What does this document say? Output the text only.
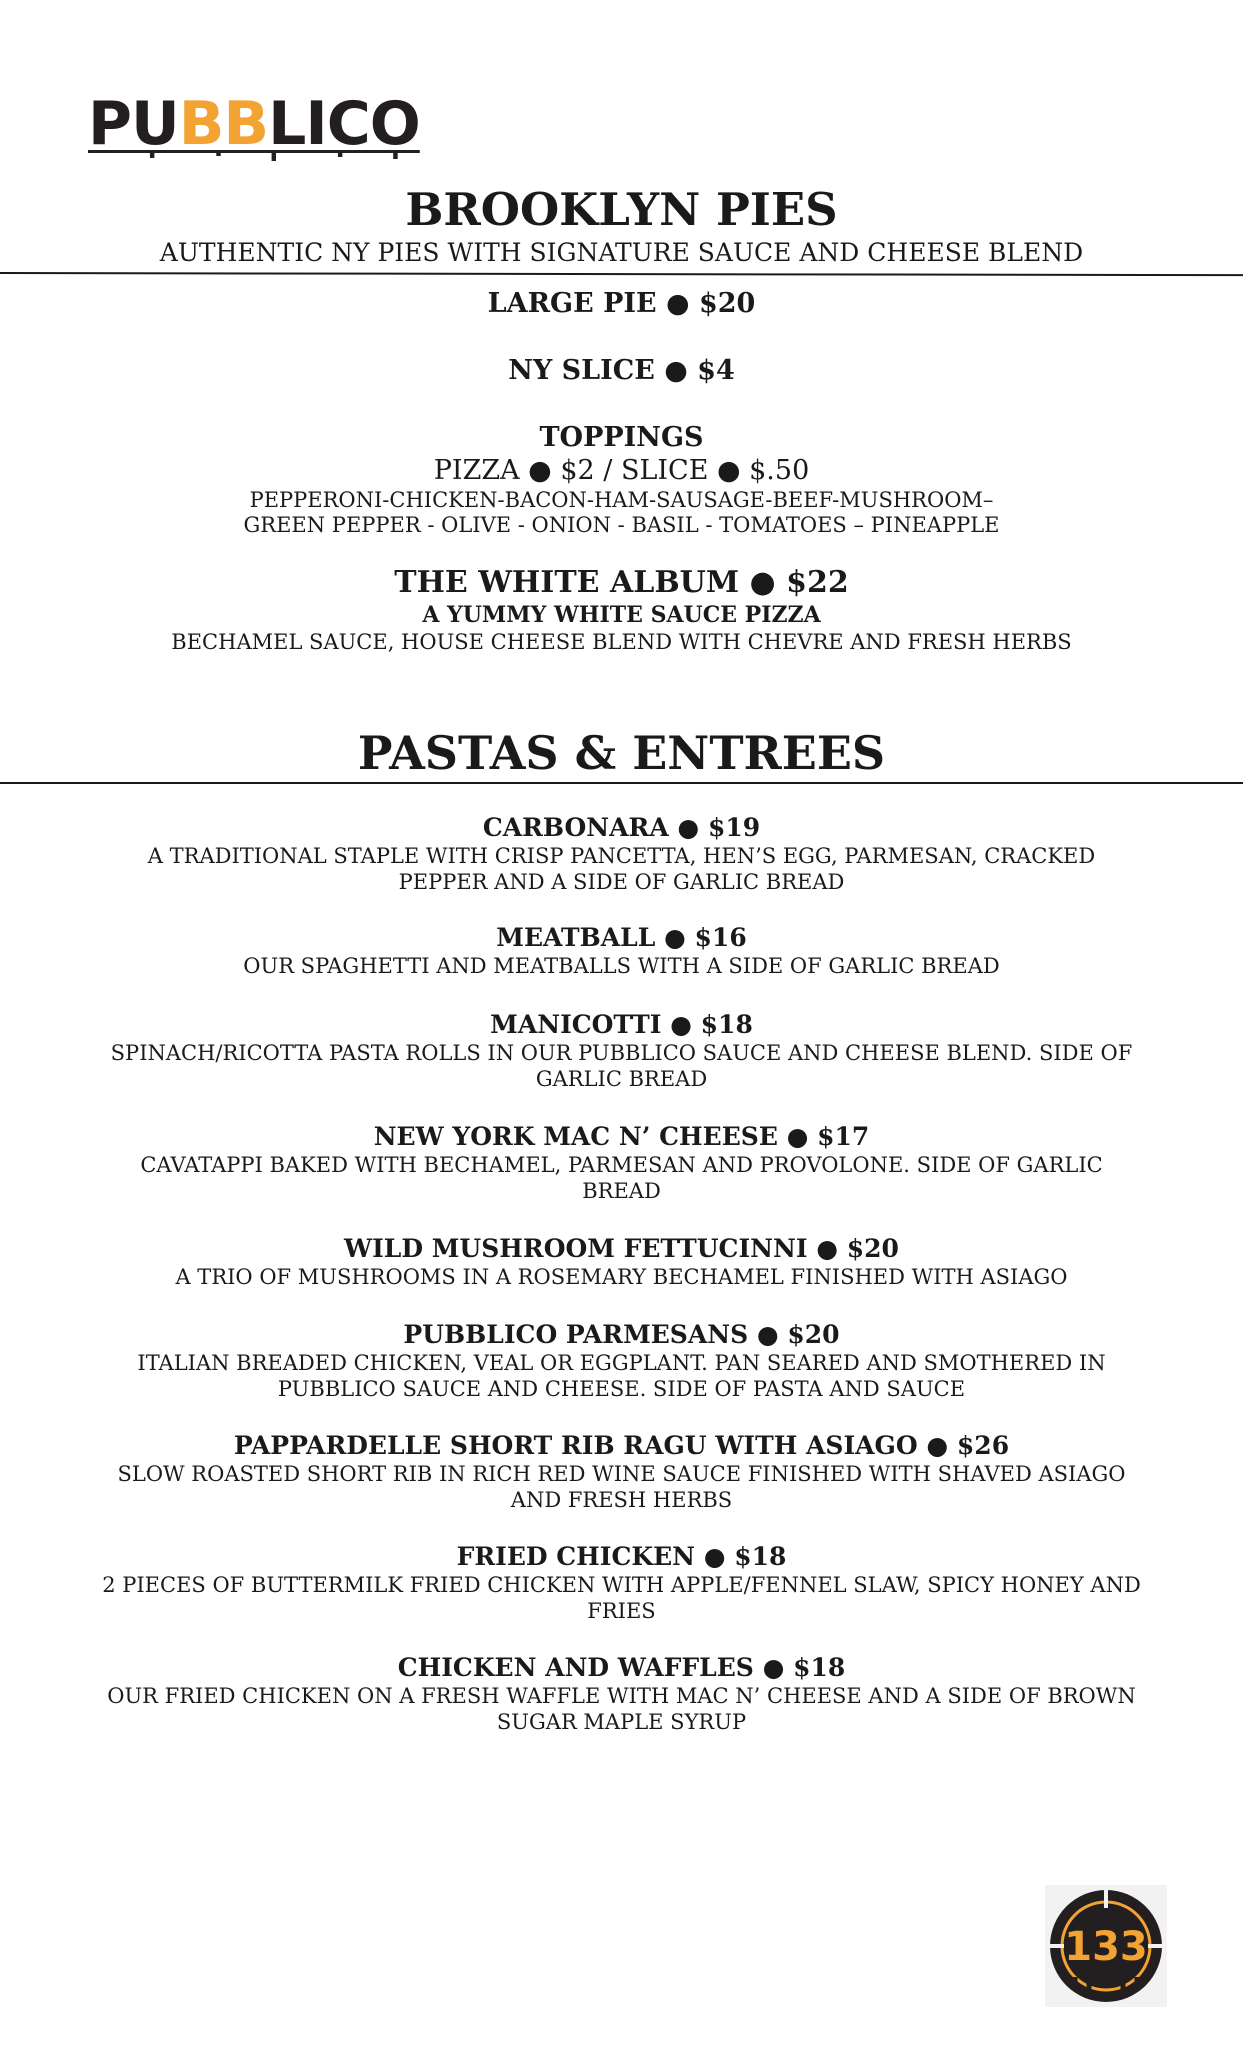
PU BB LICO
BROOKLYN PIES
AUTHENTIC NY PIES WITH SIGNATURE SAUCE AND CHEESE BLEND
LARGE PIE ● $20
NY SLICE ● $4
TOPPINGS
PIZZA ● $2 / SLICE ● $.50
PEPPERONI-CHICKEN-BACON-HAM-SAUSAGE-BEEF-MUSHROOM–
GREEN PEPPER - OLIVE - ONION - BASIL - TOMATOES – PINEAPPLE
THE WHITE ALBUM ● $22
A YUMMY WHITE SAUCE PIZZA
BECHAMEL SAUCE, HOUSE CHEESE BLEND WITH CHEVRE AND FRESH HERBS
PASTAS & ENTREES
CARBONARA ● $19
A TRADITIONAL STAPLE WITH CRISP PANCETTA, HEN’S EGG, PARMESAN, CRACKED
PEPPER AND A SIDE OF GARLIC BREAD
MEATBALL ● $16
OUR SPAGHETTI AND MEATBALLS WITH A SIDE OF GARLIC BREAD
MANICOTTI ● $18
SPINACH/RICOTTA PASTA ROLLS IN OUR PUBBLICO SAUCE AND CHEESE BLEND. SIDE OF
GARLIC BREAD
NEW YORK MAC N’ CHEESE ● $17
CAVATAPPI BAKED WITH BECHAMEL, PARMESAN AND PROVOLONE. SIDE OF GARLIC
BREAD
WILD MUSHROOM FETTUCINNI ● $20
A TRIO OF MUSHROOMS IN A ROSEMARY BECHAMEL FINISHED WITH ASIAGO
PUBBLICO PARMESANS ● $20
ITALIAN BREADED CHICKEN, VEAL OR EGGPLANT. PAN SEARED AND SMOTHERED IN
PUBBLICO SAUCE AND CHEESE. SIDE OF PASTA AND SAUCE
PAPPARDELLE SHORT RIB RAGU WITH ASIAGO ● $26
SLOW ROASTED SHORT RIB IN RICH RED WINE SAUCE FINISHED WITH SHAVED ASIAGO
AND FRESH HERBS
FRIED CHICKEN ● $18
2 PIECES OF BUTTERMILK FRIED CHICKEN WITH APPLE/FENNEL SLAW, SPICY HONEY AND
FRIES
CHICKEN AND WAFFLES ● $18
OUR FRIED CHICKEN ON A FRESH WAFFLE WITH MAC N’ CHEESE AND A SIDE OF BROWN
SUGAR MAPLE SYRUP
133
